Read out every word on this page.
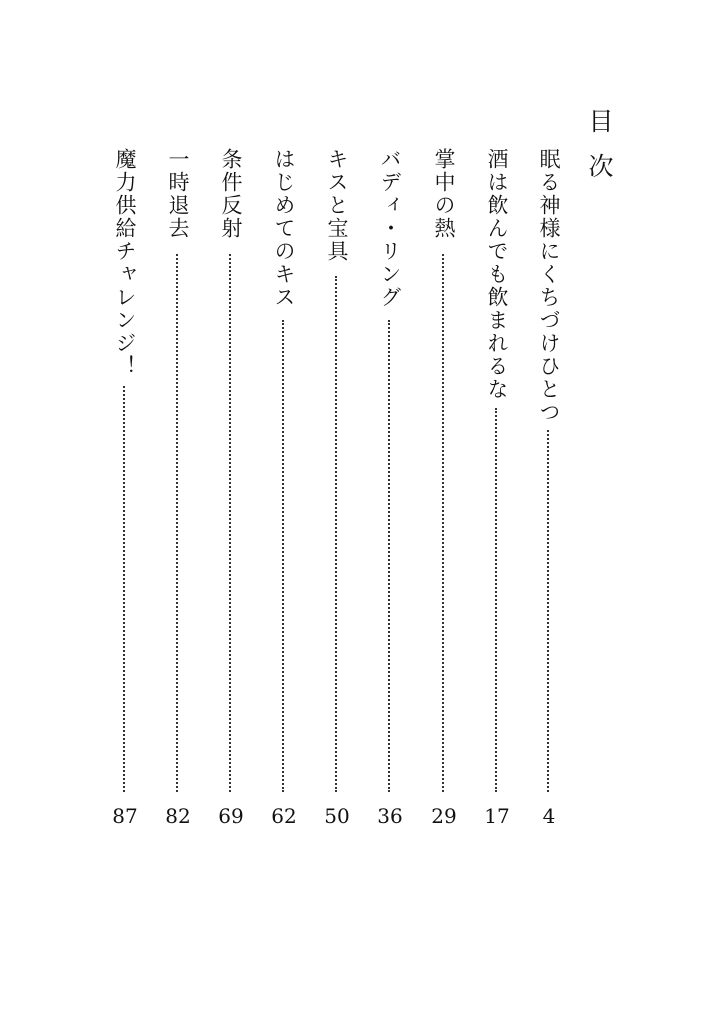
目次
眠る神様にくちづけひとつ
4
酒は飲んでも飲まれるな
17
掌中の熱
29
バディ・リング
36
キスと宝具
50
はじめてのキス
62
条件反射
69
一時退去
82
魔力供給チャレンジ！
87
